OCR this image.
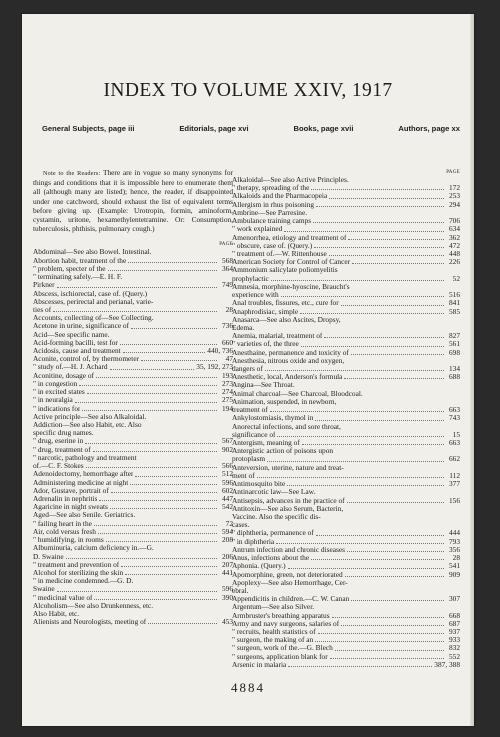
INDEX TO VOLUME XXIV, 1917
General Subjects, page iii	Editorials, page xvi	Books, page xvii	Authors, page xx
Note to the Readers: There are in vogue so many synonyms for things and conditions that it is impossible here to enumerate them all (although many are listed); hence, the reader, if disappointed under one catchword, should exhaust the list of equivalent terms before giving up. (Example: Urotropin, formin, aminoform, cystamin, uritone, hexamethylentetramine. Or: Consumption, tuberculosis, phthisis, pulmonary cough.)
PAGE
Abdominal—See also Bowel. Intestinal.
Abortion habit, treatment of the	568
" problem, specter of the	364
" terminating safely.—E. H. F.
Pirkner	749
Abscess, ischiorectal, case of. (Query.)
Abscesses, perirectal and perianal, varie-
ties of	28
Accounts, collecting of—See Collecting.
Acetone in urine, significance of	736
Acid—See specific name.
Acid-forming bacilli, test for	660
Acidosis, cause and treatment	440, 736
Aconite, control of, by thermometer	47
" study of.—H. J. Achard	35, 192, 273
Aconitine, dosage of	193
" in congestion	273
" in excited states	274
" in neuralgia	275
" indications for	194
Active principle—See also Alkaloidal.
Addiction—See also Habit, etc. Also
specific drug names.
" drug, eserine in	567
" drug, treatment of	902
" narcotic, pathology and treatment
of.—C. F. Stokes	566
Adenoidectomy, hemorrhage after	512
Administering medicine at night	596
Ador, Gustave, portrait of	602
Adrenalin in nephritis	447
Agaricine in night sweats	542
Aged—See also Senile. Geriatrics.
" failing heart in the	72
Air, cold versus fresh	594
" humidifying, in rooms	208
Albuminuria, calcium deficiency in.—G.
D. Swaine	206
" treatment and prevention of	207
Alcohol for sterilizing the skin	441
" in medicine condemned.—G. D.
Swaine	596
" medicinal value of	390
Alcoholism—See also Drunkenness, etc.
Also Habit, etc.
Alienists and Neurologists, meeting of	453
PAGE
Alkaloidal—See also Active Principles.
" therapy, spreading of the	172
Alkaloids and the Pharmacopeia	253
Allergism in rhus poisoning	294
Ambrine—See Parresine.
Ambulance training camps	706
" work explained	634
Amenorrhea, etiology and treatment of	362
" obscure, case of. (Query.)	472
" treatment of.—W. Rittenhouse	448
American Society for Control of Cancer	226
Ammonium salicylate poliomyelitis
prophylactic	52
Amnesia, morphine-hyoscine, Braucht's
experience with	516
Anal troubles, fissures, etc., cure for	841
Anaphrodisiac, simple	585
Anasarca—See also Ascites, Dropsy,
Edema.
Anemia, malarial, treatment of	827
" varieties of, the three	561
Anesthaine, permanence and toxicity of	698
Anesthesia, nitrous oxide and oxygen,
dangers of	134
Anesthetic, local, Anderson's formula	688
Angina—See Throat.
Animal charcoal—See Charcoal, Bloodcoal.
Animation, suspended, in newborn,
treatment of	663
Ankylostomiasis, thymol in	743
Anorectal infections, and sore throat,
significance of	15
Antergism, meaning of	663
Antergistic action of poisons upon
protoplasm	662
Anteversion, uterine, nature and treat-
ment of	112
Antimosquito bite	377
Antinarcotic law—See Law.
Antisepsis, advances in the practice of	156
Antitoxin—See also Serum, Bacterin,
Vaccine. Also the specific dis-
cases.
" diphtheria, permanence of	444
" in diphtheria	793
Antrum infection and chronic diseases	356
Anus, infections about the	28
Aphonia. (Query.)	541
Apomorphine, green, not deteriorated	909
Apoplexy—See also Hemorrhage, Cer-
ebral.
Appendicitis in children.—C. W. Canan	307
Argentum—See also Silver.
Armbruster's breathing apparatus	668
Army and navy surgeons, salaries of	687
" recruits, health statistics of	937
" surgeon, the making of an	933
" surgeon, work of the.—G. Blech	832
" surgeons, application blank for	552
Arsenic in malaria	387, 388
4884
